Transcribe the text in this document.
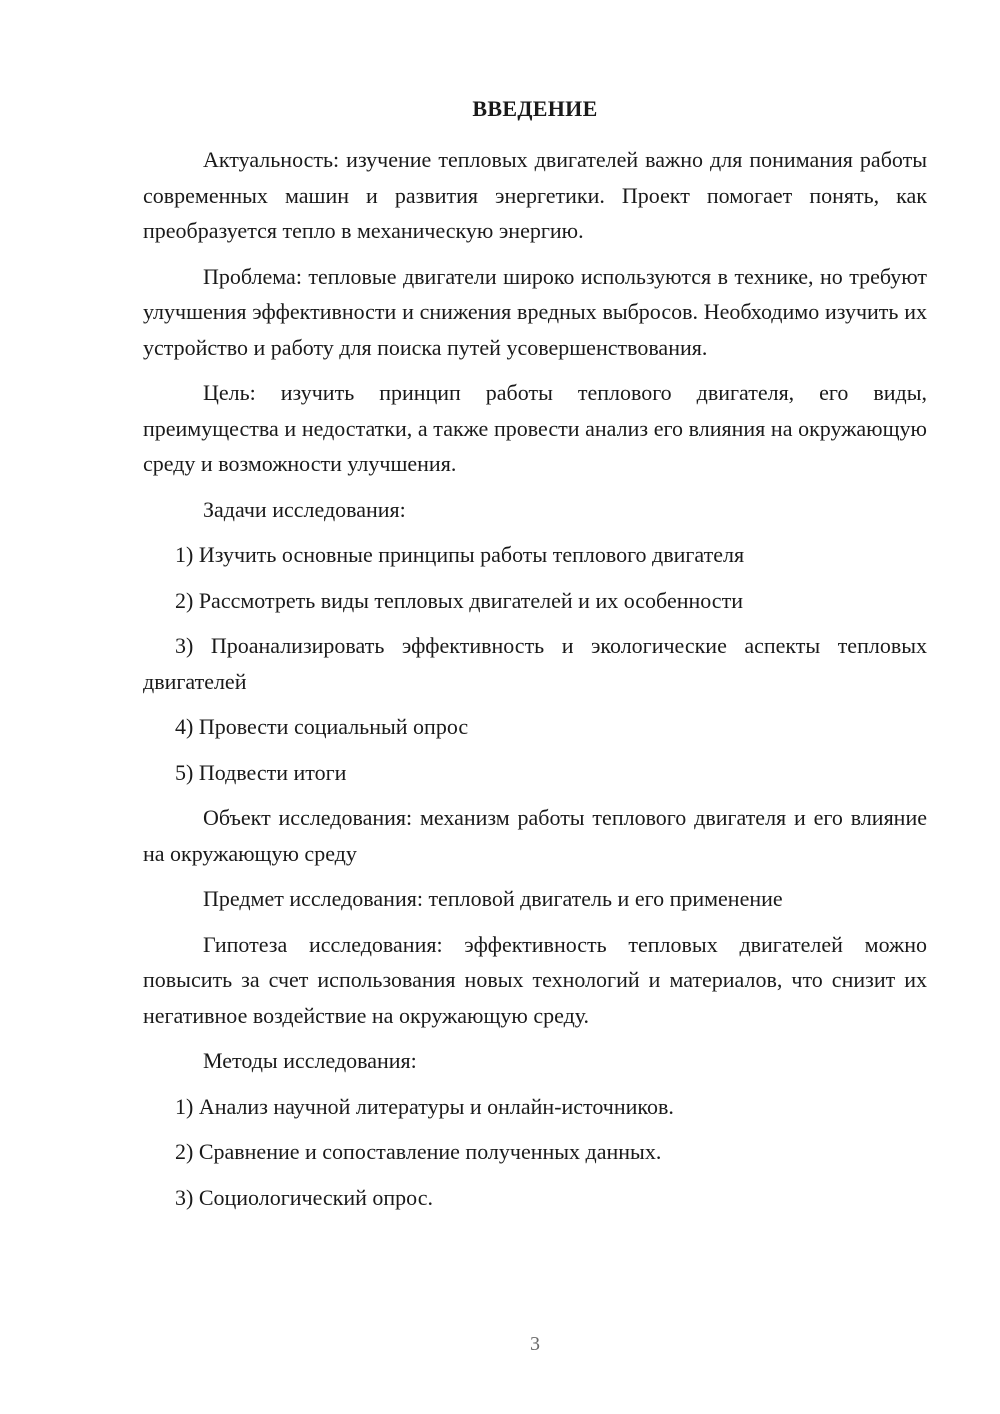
ВВЕДЕНИЕ

Актуальность: изучение тепловых двигателей важно для понимания работы современных машин и развития энергетики. Проект помогает понять, как преобразуется тепло в механическую энергию.

Проблема: тепловые двигатели широко используются в технике, но требуют улучшения эффективности и снижения вредных выбросов. Необходимо изучить их устройство и работу для поиска путей усовершенствования.

Цель: изучить принцип работы теплового двигателя, его виды, преимущества и недостатки, а также провести анализ его влияния на окружающую среду и возможности улучшения.

Задачи исследования:

1) Изучить основные принципы работы теплового двигателя

2) Рассмотреть виды тепловых двигателей и их особенности

3) Проанализировать эффективность и экологические аспекты тепловых двигателей

4) Провести социальный опрос

5) Подвести итоги

Объект исследования: механизм работы теплового двигателя и его влияние на окружающую среду

Предмет исследования: тепловой двигатель и его применение

Гипотеза исследования: эффективность тепловых двигателей можно повысить за счет использования новых технологий и материалов, что снизит их негативное воздействие на окружающую среду.

Методы исследования:

1) Анализ научной литературы и онлайн-источников.

2) Сравнение и сопоставление полученных данных.

3) Социологический опрос.

3
